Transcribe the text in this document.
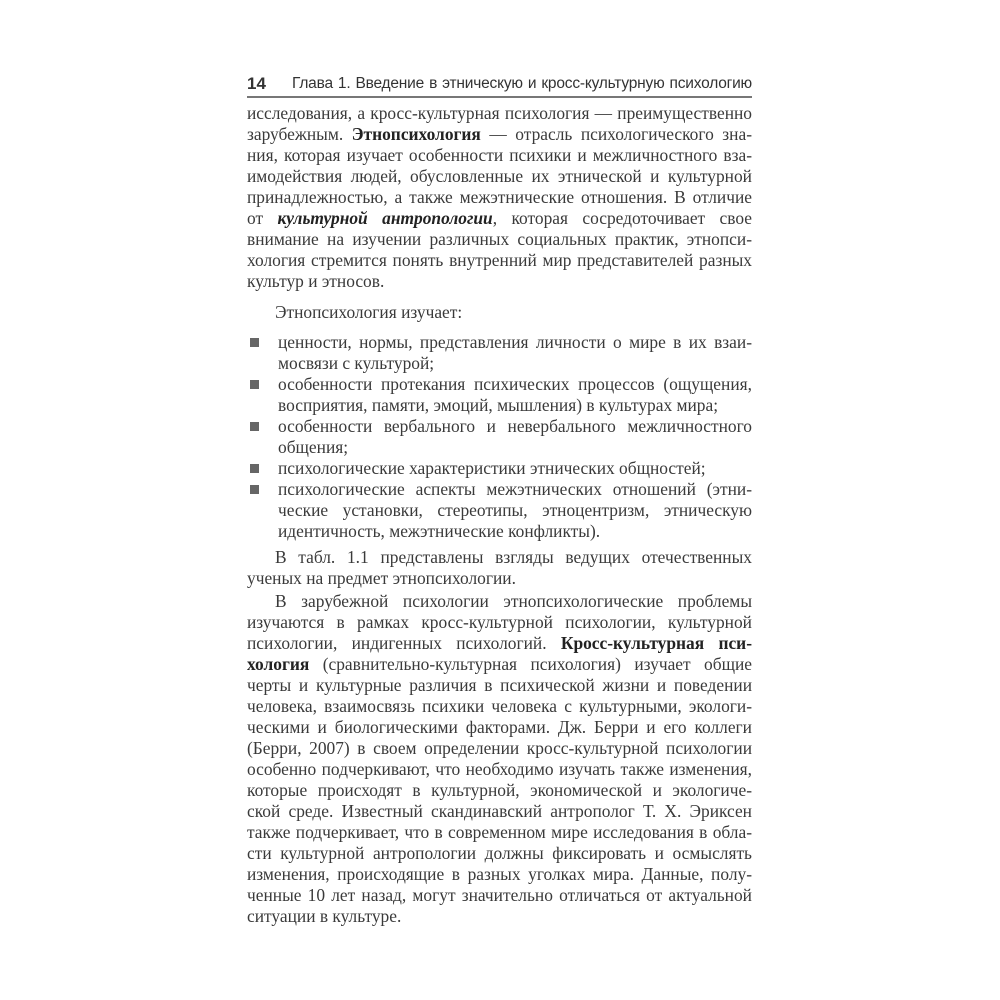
14 Глава 1. Введение в этническую и кросс-культурную психологию
исследования, а кросс-культурная психология — преимущественно
зарубежным. Этнопсихология — отрасль психологического зна-
ния, которая изучает особенности психики и межличностного вза-
имодействия людей, обусловленные их этнической и культурной
принадлежностью, а также межэтнические отношения. В отличие
от культурной антропологии, которая сосредоточивает свое
внимание на изучении различных социальных практик, этнопси-
хология стремится понять внутренний мир представителей разных
культур и этносов.
Этнопсихология изучает:
ценности, нормы, представления личности о мире в их взаи-
мосвязи с культурой;
особенности протекания психических процессов (ощущения,
восприятия, памяти, эмоций, мышления) в культурах мира;
особенности вербального и невербального межличностного
общения;
психологические характеристики этнических общностей;
психологические аспекты межэтнических отношений (этни-
ческие установки, стереотипы, этноцентризм, этническую
идентичность, межэтнические конфликты).
В табл. 1.1 представлены взгляды ведущих отечественных
ученых на предмет этнопсихологии.
В зарубежной психологии этнопсихологические проблемы
изучаются в рамках кросс-культурной психологии, культурной
психологии, индигенных психологий. Кросс-культурная пси-
хология (сравнительно-культурная психология) изучает общие
черты и культурные различия в психической жизни и поведении
человека, взаимосвязь психики человека с культурными, экологи-
ческими и биологическими факторами. Дж. Берри и его коллеги
(Берри, 2007) в своем определении кросс-культурной психологии
особенно подчеркивают, что необходимо изучать также изменения,
которые происходят в культурной, экономической и экологиче-
ской среде. Известный скандинавский антрополог Т. Х. Эриксен
также подчеркивает, что в современном мире исследования в обла-
сти культурной антропологии должны фиксировать и осмыслять
изменения, происходящие в разных уголках мира. Данные, полу-
ченные 10 лет назад, могут значительно отличаться от актуальной
ситуации в культуре.
